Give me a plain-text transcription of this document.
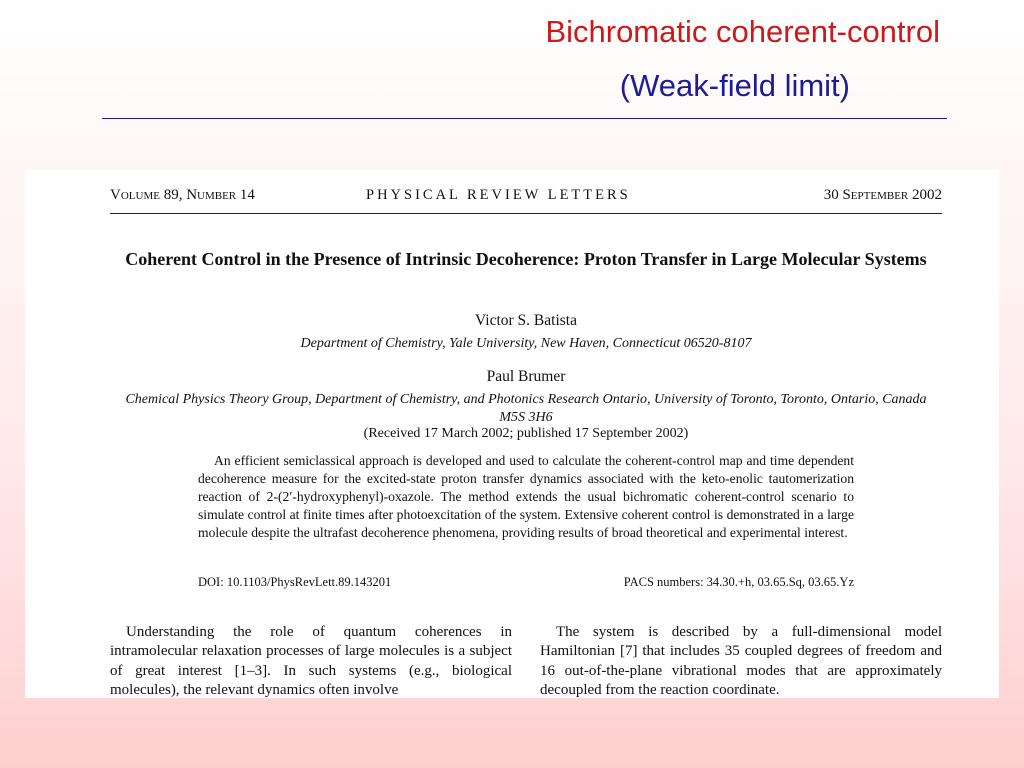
Bichromatic coherent-control
(Weak-field limit)
Volume 89, Number 14	PHYSICAL REVIEW LETTERS	30 September 2002
Coherent Control in the Presence of Intrinsic Decoherence: Proton Transfer in Large Molecular Systems
Victor S. Batista
Department of Chemistry, Yale University, New Haven, Connecticut 06520-8107
Paul Brumer
Chemical Physics Theory Group, Department of Chemistry, and Photonics Research Ontario, University of Toronto, Toronto, Ontario, Canada M5S 3H6
(Received 17 March 2002; published 17 September 2002)

An efficient semiclassical approach is developed and used to calculate the coherent-control map and time dependent decoherence measure for the excited-state proton transfer dynamics associated with the keto-enolic tautomerization reaction of 2-(2′-hydroxyphenyl)-oxazole. The method extends the usual bichromatic coherent-control scenario to simulate control at finite times after photoexcitation of the system. Extensive coherent control is demonstrated in a large molecule despite the ultrafast decoherence phenomena, providing results of broad theoretical and experimental interest.

DOI: 10.1103/PhysRevLett.89.143201	PACS numbers: 34.30.+h, 03.65.Sq, 03.65.Yz

Understanding the role of quantum coherences in intramolecular relaxation processes of large molecules is a subject of great interest [1–3]. In such systems (e.g., biological molecules), the relevant dynamics often involve

The system is described by a full-dimensional model Hamiltonian [7] that includes 35 coupled degrees of freedom and 16 out-of-the-plane vibrational modes that are approximately decoupled from the reaction coordinate.
